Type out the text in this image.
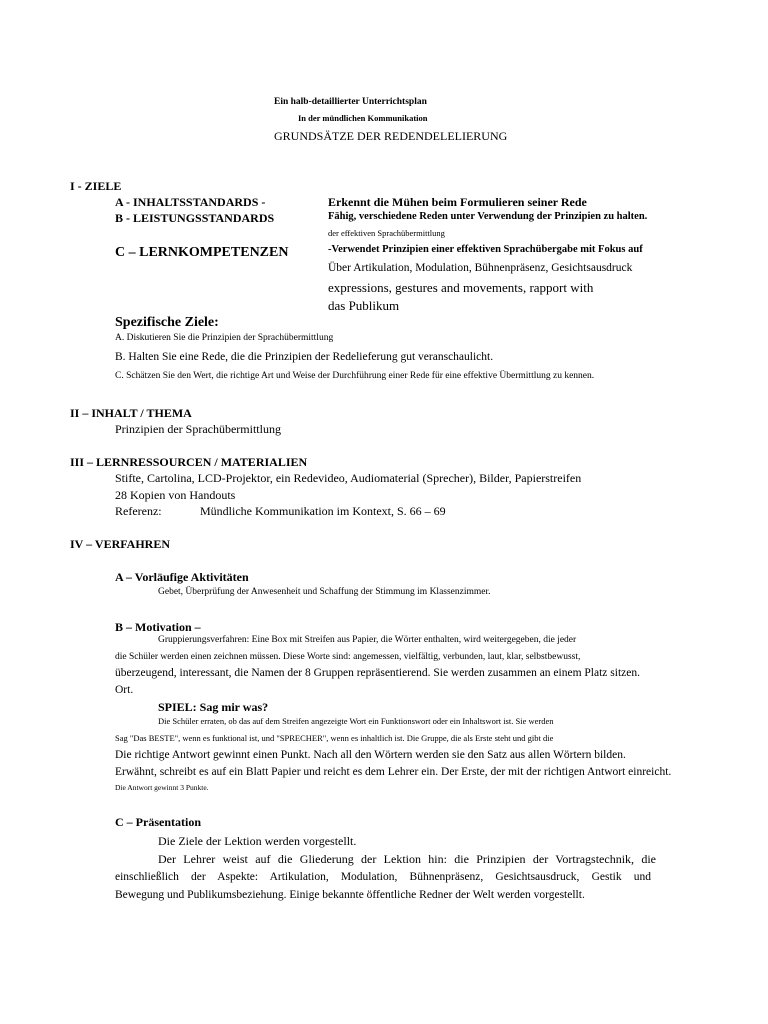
Ein halb-detaillierter Unterrichtsplan
In der mündlichen Kommunikation
GRUNDSÄTZE DER REDENDELELIERUNG
I - ZIELE
A - INHALTSSTANDARDS -	Erkennt die Mühen beim Formulieren seiner Rede
B - LEISTUNGSSTANDARDS	Fähig, verschiedene Reden unter Verwendung der Prinzipien zu halten.
der effektiven Sprachübermittlung
C – LERNKOMPETENZEN	-Verwendet Prinzipien einer effektiven Sprachübergabe mit Fokus auf
Über Artikulation, Modulation, Bühnenpräsenz, Gesichtsausdruck
expressions, gestures and movements, rapport with
das Publikum
Spezifische Ziele:
A. Diskutieren Sie die Prinzipien der Sprachübermittlung
B. Halten Sie eine Rede, die die Prinzipien der Redelieferung gut veranschaulicht.
C. Schätzen Sie den Wert, die richtige Art und Weise der Durchführung einer Rede für eine effektive Übermittlung zu kennen.
II – INHALT / THEMA
Prinzipien der Sprachübermittlung
III – LERNRESSOURCEN / MATERIALIEN
Stifte, Cartolina, LCD-Projektor, ein Redevideo, Audiomaterial (Sprecher), Bilder, Papierstreifen
28 Kopien von Handouts
Referenz:	Mündliche Kommunikation im Kontext, S. 66 – 69
IV – VERFAHREN
A – Vorläufige Aktivitäten
Gebet, Überprüfung der Anwesenheit und Schaffung der Stimmung im Klassenzimmer.
B – Motivation –
Gruppierungsverfahren: Eine Box mit Streifen aus Papier, die Wörter enthalten, wird weitergegeben, die jeder
die Schüler werden einen zeichnen müssen. Diese Worte sind: angemessen, vielfältig, verbunden, laut, klar, selbstbewusst,
überzeugend, interessant, die Namen der 8 Gruppen repräsentierend. Sie werden zusammen an einem Platz sitzen.
Ort.
SPIEL: Sag mir was?
Die Schüler erraten, ob das auf dem Streifen angezeigte Wort ein Funktionswort oder ein Inhaltswort ist. Sie werden
Sag "Das BESTE", wenn es funktional ist, und "SPRECHER", wenn es inhaltlich ist. Die Gruppe, die als Erste steht und gibt die
Die richtige Antwort gewinnt einen Punkt. Nach all den Wörtern werden sie den Satz aus allen Wörtern bilden.
Erwähnt, schreibt es auf ein Blatt Papier und reicht es dem Lehrer ein. Der Erste, der mit der richtigen Antwort einreicht.
Die Antwort gewinnt 3 Punkte.
C – Präsentation
Die Ziele der Lektion werden vorgestellt.
Der Lehrer weist auf die Gliederung der Lektion hin: die Prinzipien der Vortragstechnik, die
einschließlich der Aspekte: Artikulation, Modulation, Bühnenpräsenz, Gesichtsausdruck, Gestik und
Bewegung und Publikumsbeziehung. Einige bekannte öffentliche Redner der Welt werden vorgestellt.
